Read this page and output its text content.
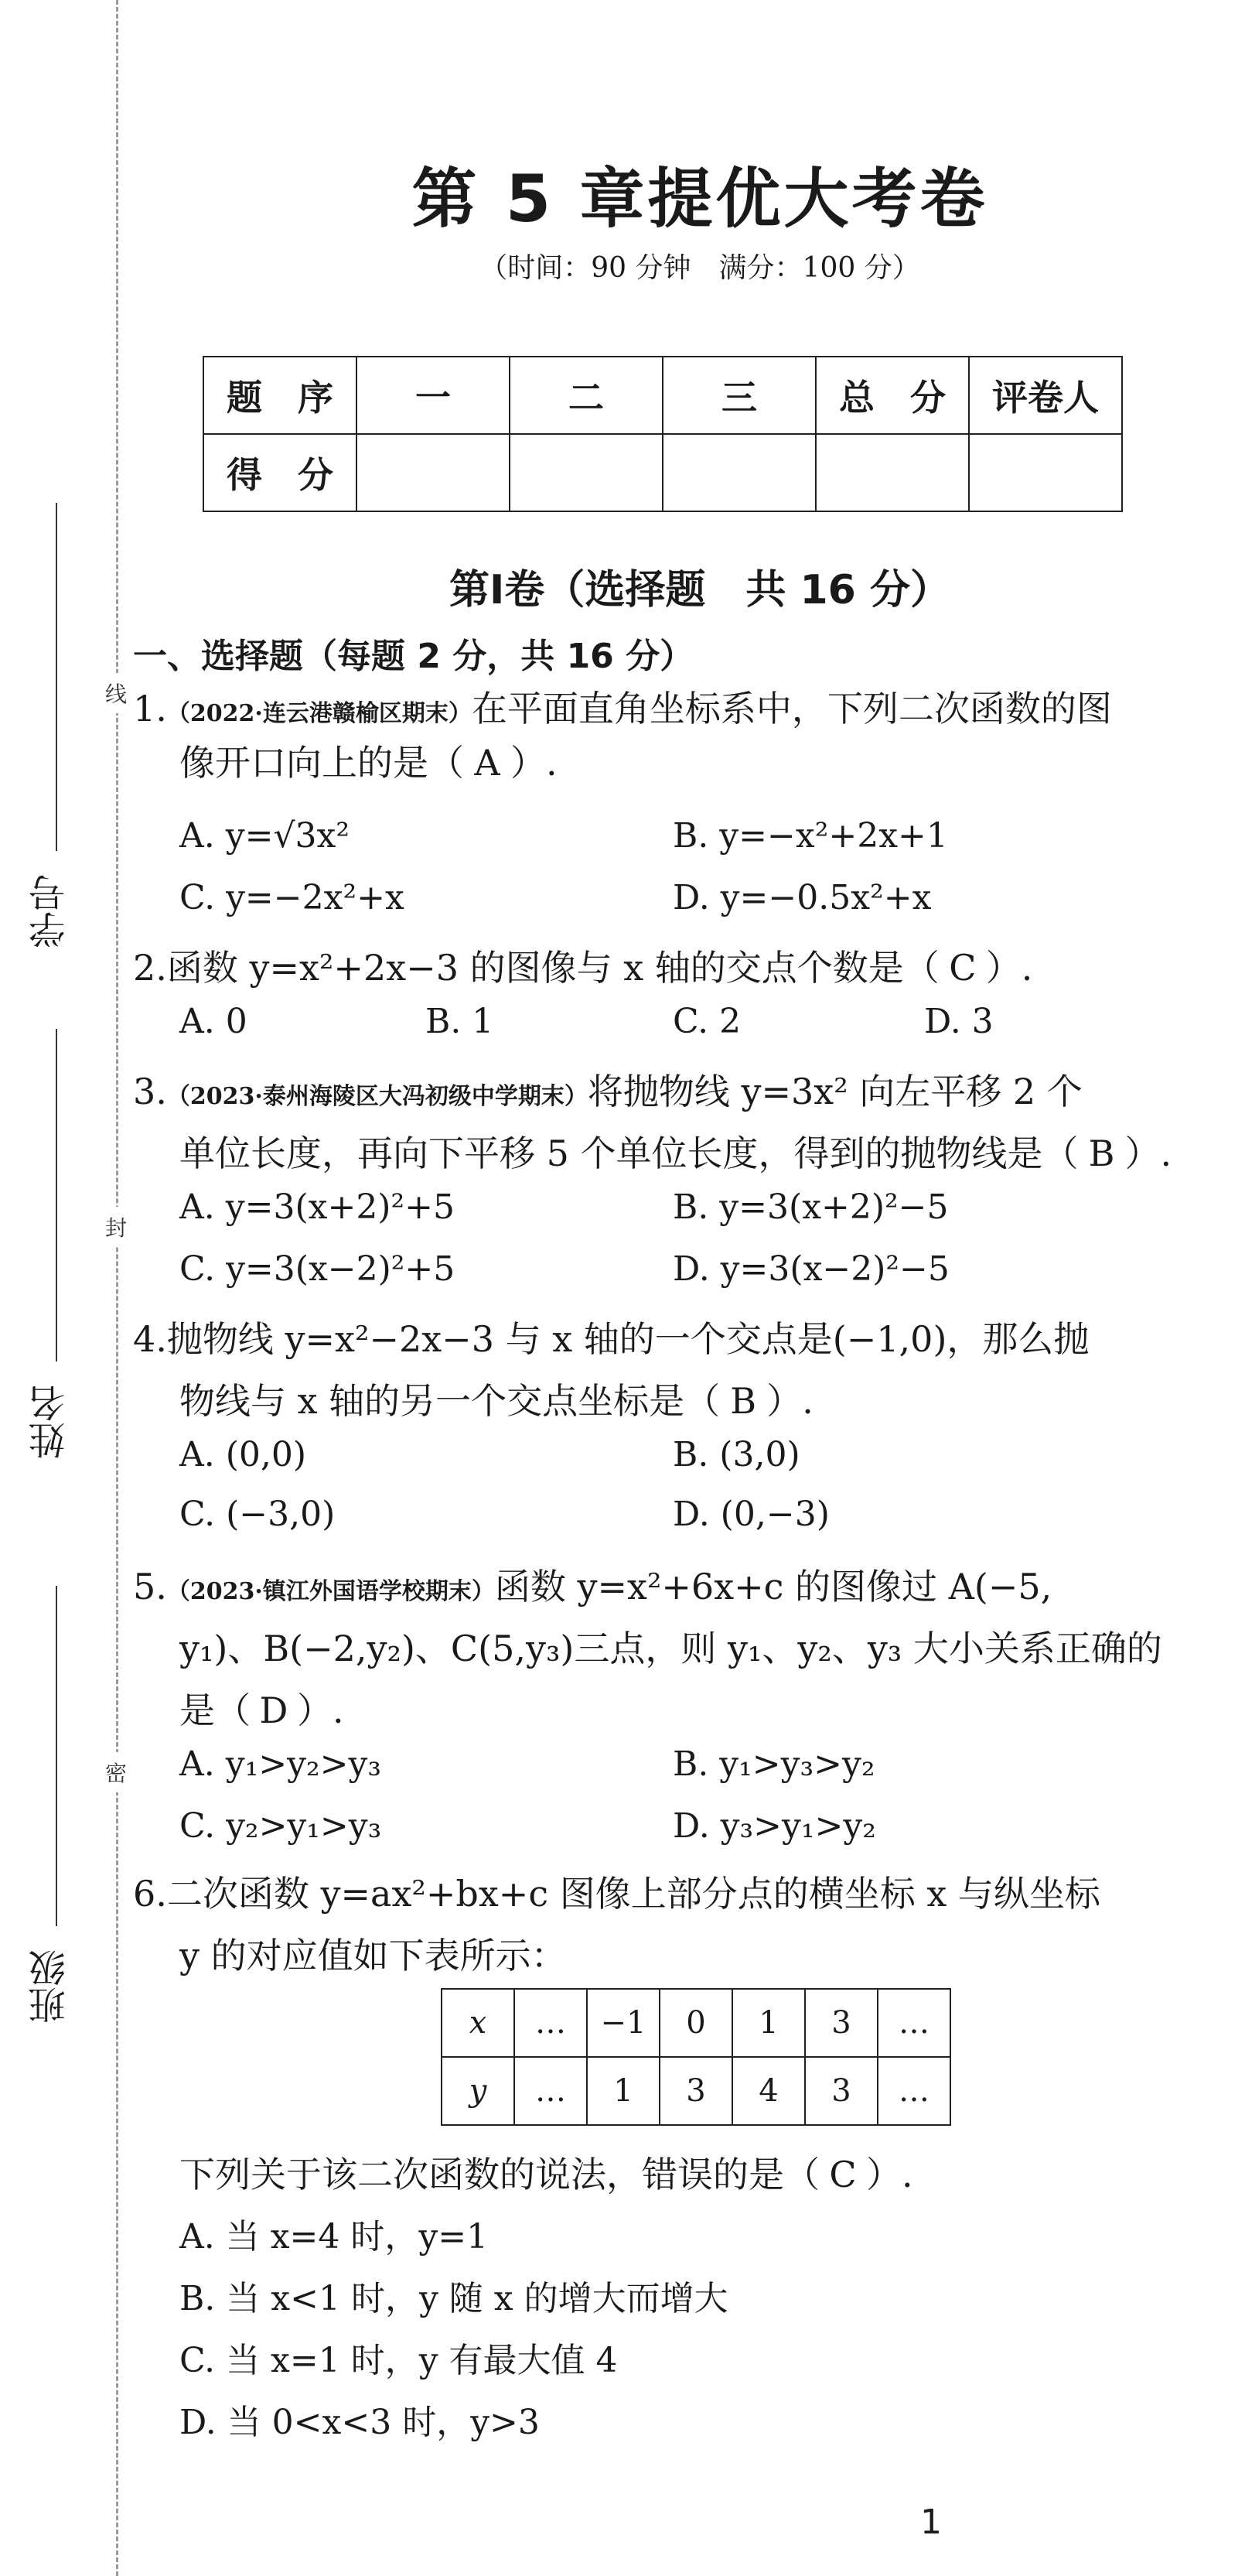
线
封
密
学号
姓名
班级
第 5 章提优大考卷
（时间：90 分钟　满分：100 分）
题　序	一	二	三	总　分	评卷人
得　分					
第Ⅰ卷（选择题　共 16 分）
一、选择题（每题 2 分，共 16 分）
1.（2022·连云港赣榆区期末）在平面直角坐标系中，下列二次函数的图
像开口向上的是（ A ）.
A. y=√3x²	B. y=−x²+2x+1
C. y=−2x²+x	D. y=−0.5x²+x
2.函数 y=x²+2x−3 的图像与 x 轴的交点个数是（ C ）.
A. 0	B. 1	C. 2	D. 3
3.（2023·泰州海陵区大冯初级中学期末）将抛物线 y=3x² 向左平移 2 个
单位长度，再向下平移 5 个单位长度，得到的抛物线是（ B ）.
A. y=3(x+2)²+5	B. y=3(x+2)²−5
C. y=3(x−2)²+5	D. y=3(x−2)²−5
4.抛物线 y=x²−2x−3 与 x 轴的一个交点是(−1,0)，那么抛
物线与 x 轴的另一个交点坐标是（ B ）.
A. (0,0)	B. (3,0)
C. (−3,0)	D. (0,−3)
5.（2023·镇江外国语学校期末）函数 y=x²+6x+c 的图像过 A(−5,
y₁)、B(−2,y₂)、C(5,y₃)三点，则 y₁、y₂、y₃ 大小关系正确的
是（ D ）.
A. y₁>y₂>y₃	B. y₁>y₃>y₂
C. y₂>y₁>y₃	D. y₃>y₁>y₂
6.二次函数 y=ax²+bx+c 图像上部分点的横坐标 x 与纵坐标
y 的对应值如下表所示：
x	…	−1	0	1	3	…
y	…	1	3	4	3	…
下列关于该二次函数的说法，错误的是（ C ）.
A. 当 x=4 时，y=1
B. 当 x<1 时，y 随 x 的增大而增大
C. 当 x=1 时，y 有最大值 4
D. 当 0<x<3 时，y>3
1
